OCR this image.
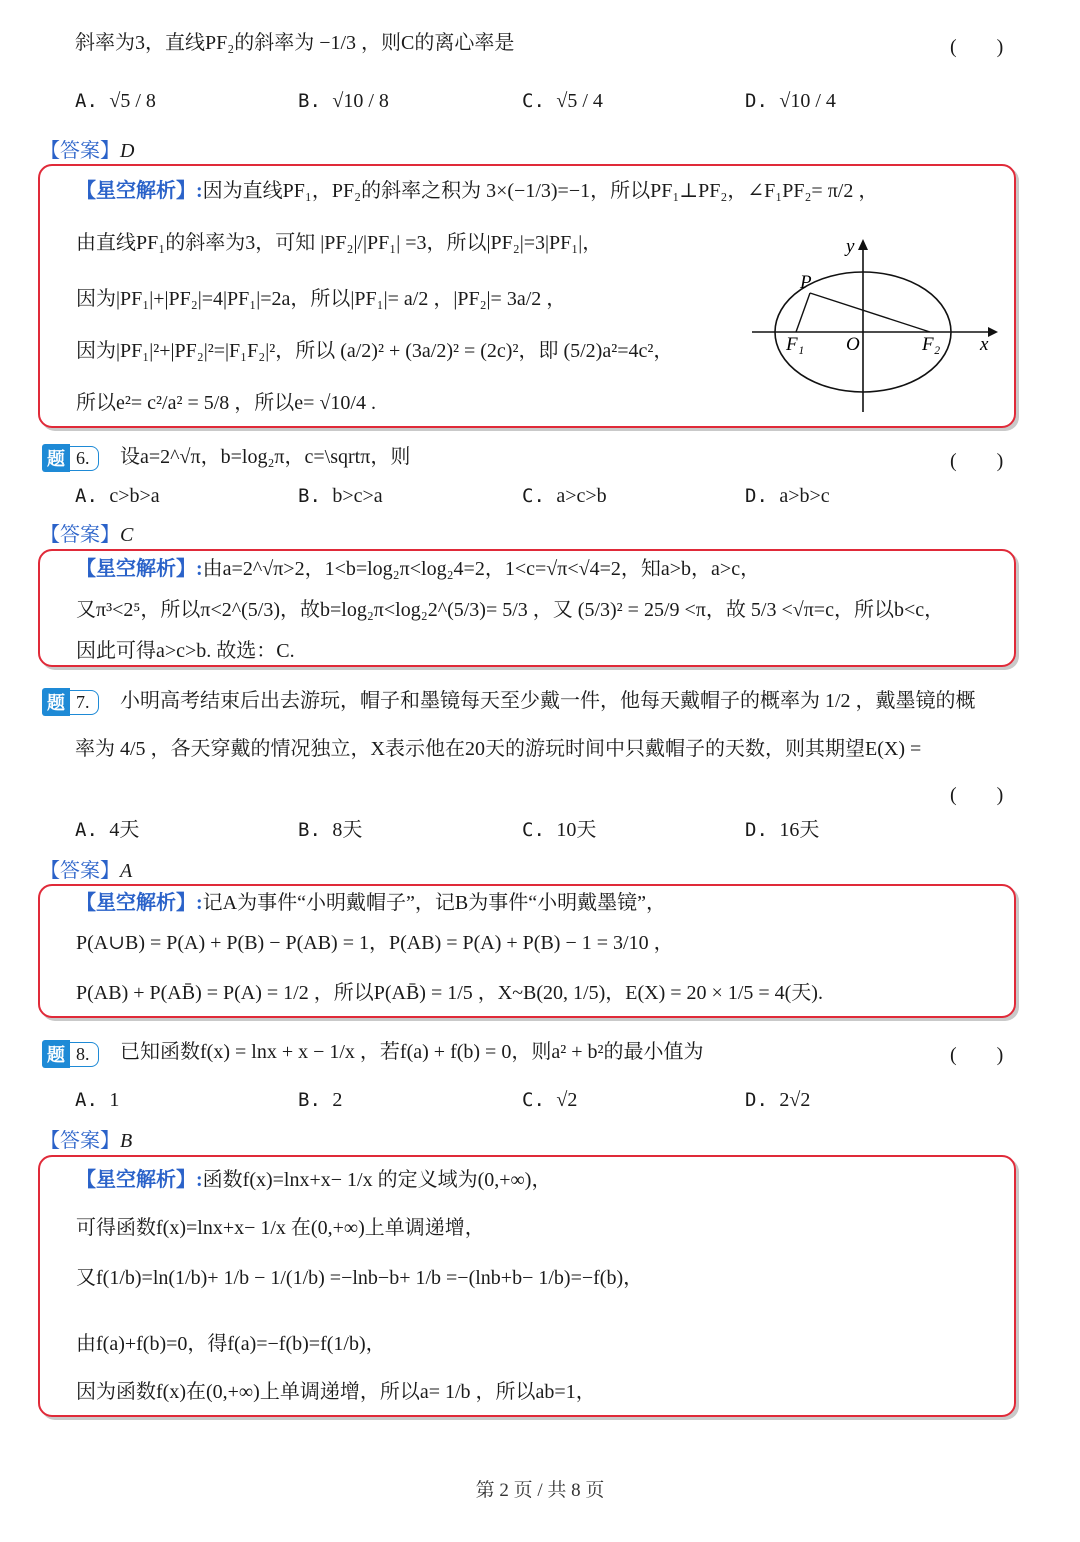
斜率为3，直线PF₂的斜率为 −1/3 ，则C的离心率是	(　　)
A. √5 / 8	B. √10 / 8	C. √5 / 4	D. √10 / 4
【答案】D
【星空解析】:因为直线PF₁，PF₂的斜率之积为 3×(−1/3)=−1，所以PF₁⊥PF₂，∠F₁PF₂= π/2 ，
由直线PF₁的斜率为3，可知 |PF₂|/|PF₁| =3，所以|PF₂|=3|PF₁|，
因为|PF₁|+|PF₂|=4|PF₁|=2a，所以|PF₁|= a/2 ，|PF₂|= 3a/2 ，
因为|PF₁|²+|PF₂|²=|F₁F₂|²，所以 (a/2)² + (3a/2)² = (2c)²，即 (5/2)a²=4c²，
所以e²= c²/a² = 5/8 ，所以e= √10/4 .
y
x
P
F₁ O	F₂
题 6.	设a=2^√π，b=log₂π，c=\sqrtπ，则	(　　)
A. c>b>a	B. b>c>a	C. a>c>b	D. a>b>c
【答案】C
【星空解析】:由a=2^√π>2，1<b=log₂π<log₂4=2，1<c=√π<√4=2，知a>b，a>c，
又π³<2⁵，所以π<2^(5/3)，故b=log₂π<log₂2^(5/3)= 5/3 ，又 (5/3)² = 25/9 <π，故 5/3 <√π=c，所以b<c，
因此可得a>c>b. 故选：C.
题 7.	小明高考结束后出去游玩，帽子和墨镜每天至少戴一件，他每天戴帽子的概率为 1/2 ，戴墨镜的概
率为 4/5 ，各天穿戴的情况独立，X表示他在20天的游玩时间中只戴帽子的天数，则其期望E(X) =
(　　)
A. 4天	B. 8天	C. 10天	D. 16天
【答案】A
【星空解析】:记A为事件“小明戴帽子”，记B为事件“小明戴墨镜”，
P(A∪B) = P(A) + P(B) − P(AB) = 1，P(AB) = P(A) + P(B) − 1 = 3/10 ，
P(AB) + P(AB̄) = P(A) = 1/2 ，所以P(AB̄) = 1/5 ，X~B(20, 1/5)，E(X) = 20 × 1/5 = 4(天).
题 8.	已知函数f(x) = lnx + x − 1/x ，若f(a) + f(b) = 0，则a² + b²的最小值为	(　　)
A. 1	B. 2	C. √2	D. 2√2
【答案】B
【星空解析】:函数f(x)=lnx+x− 1/x 的定义域为(0,+∞)，
可得函数f(x)=lnx+x− 1/x 在(0,+∞)上单调递增，
又f(1/b)=ln(1/b)+ 1/b − 1/(1/b) =−lnb−b+ 1/b =−(lnb+b− 1/b)=−f(b)，
由f(a)+f(b)=0，得f(a)=−f(b)=f(1/b)，
因为函数f(x)在(0,+∞)上单调递增，所以a= 1/b ，所以ab=1，
第 2 页 / 共 8 页
